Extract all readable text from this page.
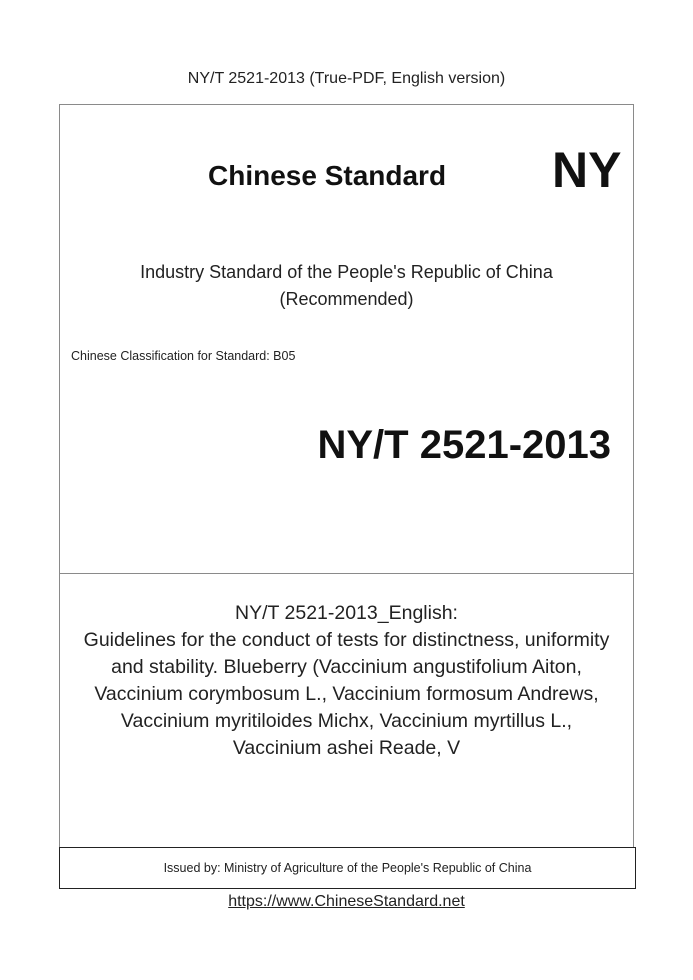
NY/T 2521-2013 (True-PDF, English version)
Chinese Standard NY
Industry Standard of the People's Republic of China
(Recommended)
Chinese Classification for Standard: B05
NY/T 2521-2013
NY/T 2521-2013_English:
Guidelines for the conduct of tests for distinctness, uniformity
and stability. Blueberry (Vaccinium angustifolium Aiton,
Vaccinium corymbosum L., Vaccinium formosum Andrews,
Vaccinium myritiloides Michx, Vaccinium myrtillus L.,
Vaccinium ashei Reade, V
Issued by: Ministry of Agriculture of the People's Republic of China
https://www.ChineseStandard.net
